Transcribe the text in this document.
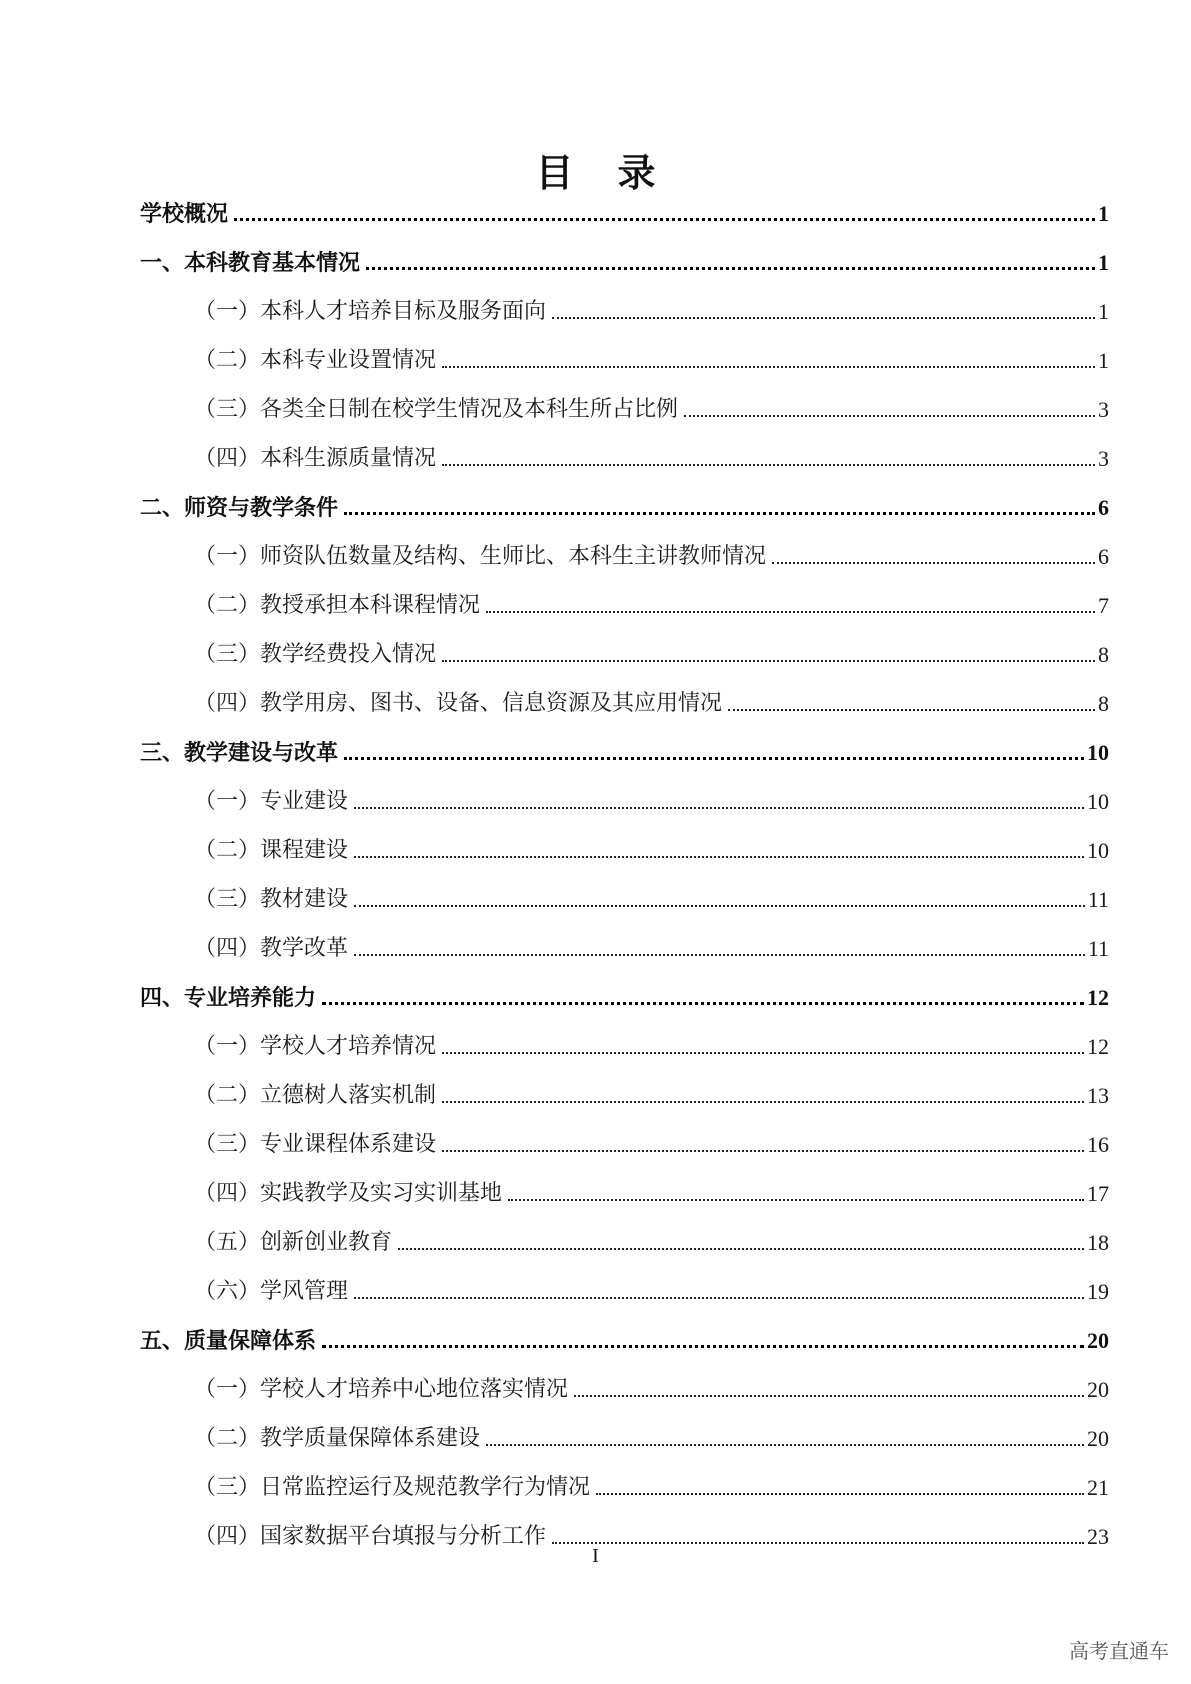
目录
学校概况	1
一、本科教育基本情况	1
（一）本科人才培养目标及服务面向	1
（二）本科专业设置情况	1
（三）各类全日制在校学生情况及本科生所占比例	3
（四）本科生源质量情况	3
二、师资与教学条件	6
（一）师资队伍数量及结构、生师比、本科生主讲教师情况	6
（二）教授承担本科课程情况	7
（三）教学经费投入情况	8
（四）教学用房、图书、设备、信息资源及其应用情况	8
三、教学建设与改革	10
（一）专业建设	10
（二）课程建设	10
（三）教材建设	11
（四）教学改革	11
四、专业培养能力	12
（一）学校人才培养情况	12
（二）立德树人落实机制	13
（三）专业课程体系建设	16
（四）实践教学及实习实训基地	17
（五）创新创业教育	18
（六）学风管理	19
五、质量保障体系	20
（一）学校人才培养中心地位落实情况	20
（二）教学质量保障体系建设	20
（三）日常监控运行及规范教学行为情况	21
（四）国家数据平台填报与分析工作	23
I
高考直通车
